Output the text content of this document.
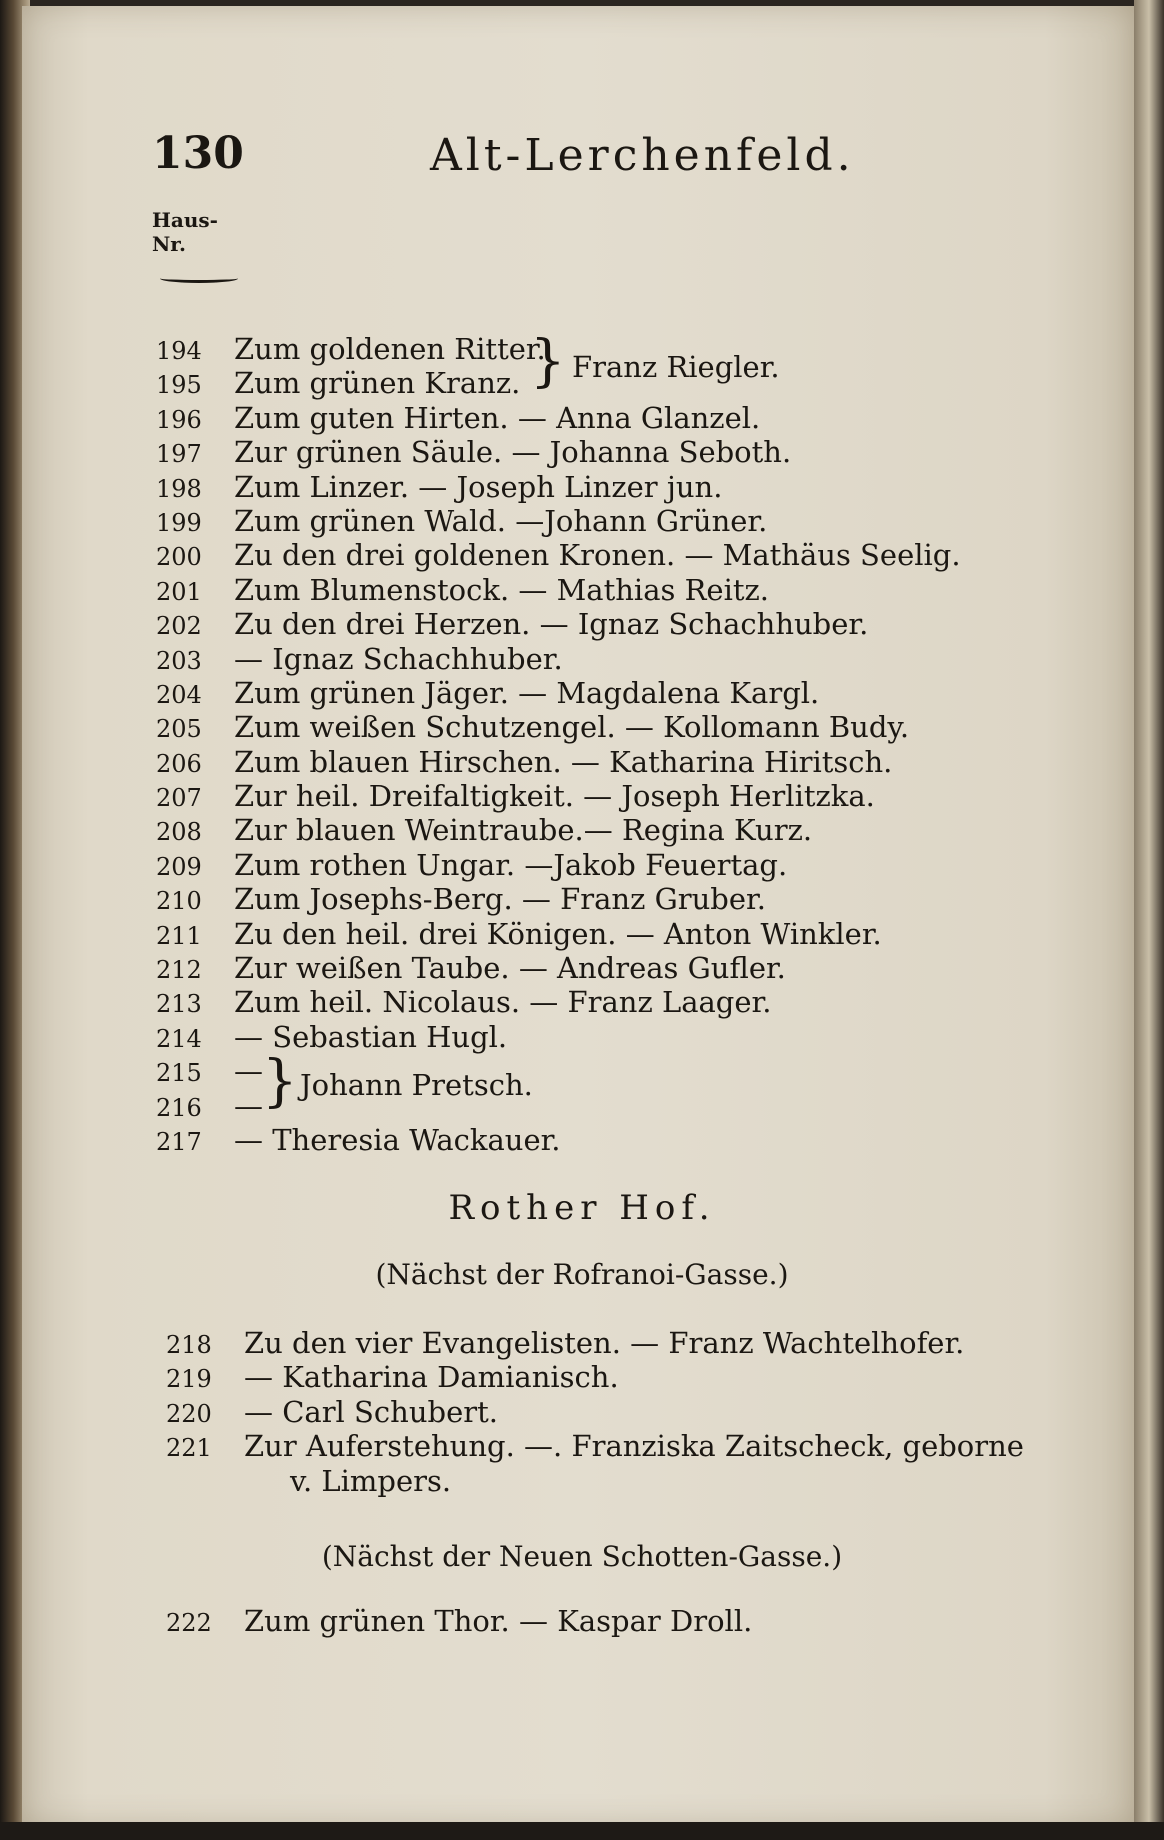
130	Alt-Lerchenfeld.
Haus-
Nr.
194 Zum goldenen Ritter.
195 Zum grünen Kranz.
196 Zum guten Hirten. — Anna Glanzel.
197 Zur grünen Säule. — Johanna Seboth.
198 Zum Linzer. — Joseph Linzer jun.
199 Zum grünen Wald. —Johann Grüner.
200 Zu den drei goldenen Kronen. — Mathäus Seelig.
201 Zum Blumenstock. — Mathias Reitz.
202 Zu den drei Herzen. — Ignaz Schachhuber.
203 — Ignaz Schachhuber.
204 Zum grünen Jäger. — Magdalena Kargl.
205 Zum weißen Schutzengel. — Kollomann Budy.
206 Zum blauen Hirschen. — Katharina Hiritsch.
207 Zur heil. Dreifaltigkeit. — Joseph Herlitzka.
208 Zur blauen Weintraube.— Regina Kurz.
209 Zum rothen Ungar. —Jakob Feuertag.
210 Zum Josephs-Berg. — Franz Gruber.
211 Zu den heil. drei Königen. — Anton Winkler.
212 Zur weißen Taube. — Andreas Gufler.
213 Zum heil. Nicolaus. — Franz Laager.
214 — Sebastian Hugl.
215 —
216 —
217 — Theresia Wackauer.
} Franz Riegler.
} Johann Pretsch.
Rother Hof.
(Nächst der Rofranoi-Gasse.)
218 Zu den vier Evangelisten. — Franz Wachtelhofer.
219 — Katharina Damianisch.
220 — Carl Schubert.
221 Zur Auferstehung. —. Franziska Zaitscheck, geborne
v. Limpers.
(Nächst der Neuen Schotten-Gasse.)
222 Zum grünen Thor. — Kaspar Droll.
